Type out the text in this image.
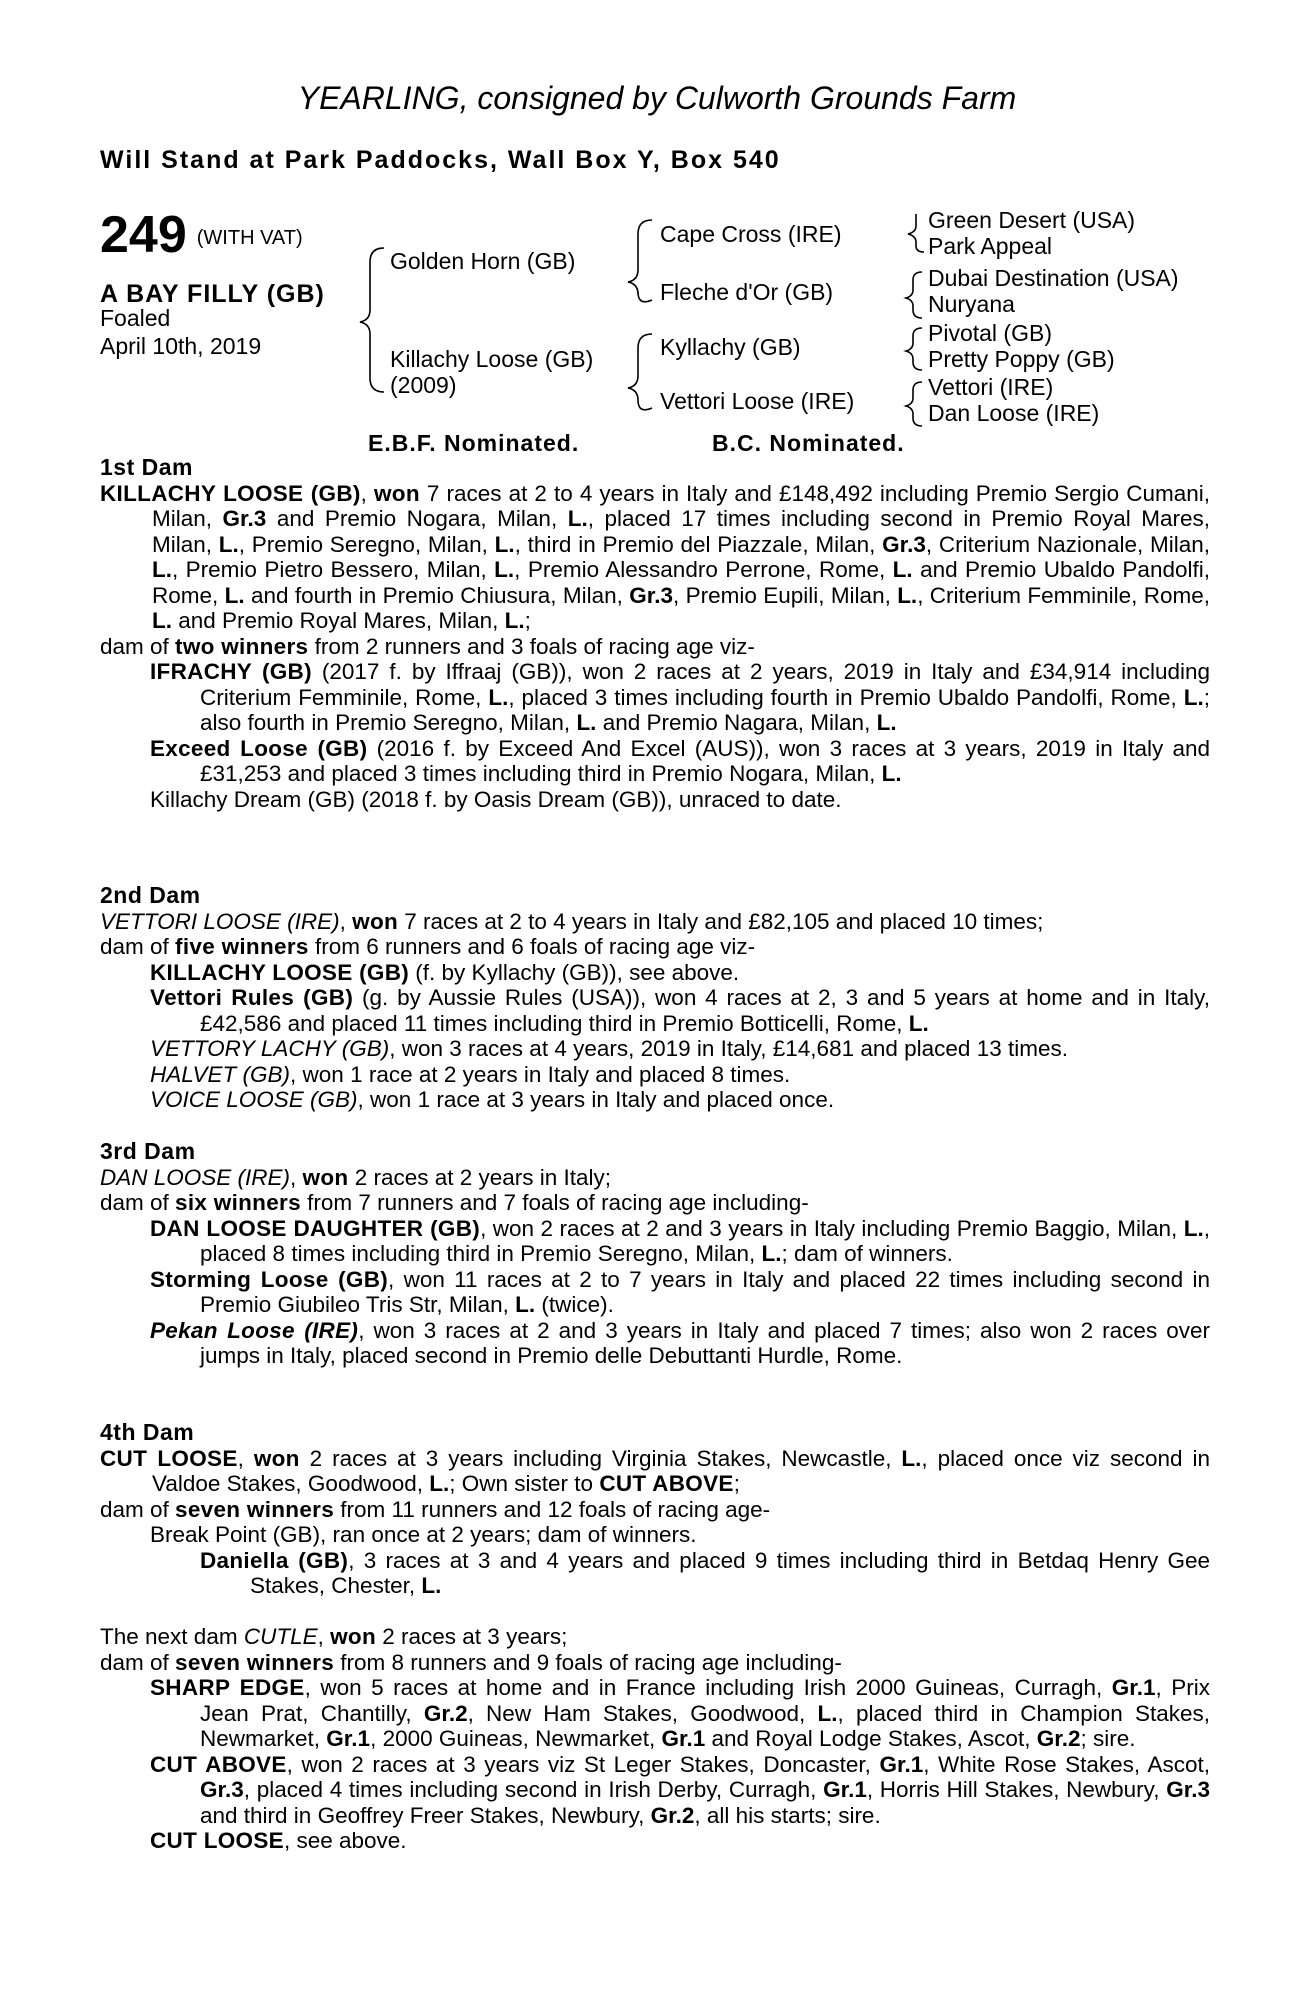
YEARLING, consigned by Culworth Grounds Farm
Will Stand at Park Paddocks, Wall Box Y, Box 540
249 (WITH VAT)
A BAY FILLY (GB)
Foaled
April 10th, 2019
Golden Horn (GB)
Killachy Loose (GB)
(2009)
Cape Cross (IRE)
Fleche d'Or (GB)
Kyllachy (GB)
Vettori Loose (IRE)
Green Desert (USA)
Park Appeal
Dubai Destination (USA)
Nuryana
Pivotal (GB)
Pretty Poppy (GB)
Vettori (IRE)
Dan Loose (IRE)
E.B.F. Nominated.	B.C. Nominated.

1st Dam

KILLACHY LOOSE (GB), won 7 races at 2 to 4 years in Italy and £148,492 including Premio Sergio Cumani, Milan, Gr.3 and Premio Nogara, Milan, L., placed 17 times including second in Premio Royal Mares, Milan, L., Premio Seregno, Milan, L., third in Premio del Piazzale, Milan, Gr.3, Criterium Nazionale, Milan, L., Premio Pietro Bessero, Milan, L., Premio Alessandro Perrone, Rome, L. and Premio Ubaldo Pandolfi, Rome, L. and fourth in Premio Chiusura, Milan, Gr.3, Premio Eupili, Milan, L., Criterium Femminile, Rome, L. and Premio Royal Mares, Milan, L.;

dam of two winners from 2 runners and 3 foals of racing age viz-

IFRACHY (GB) (2017 f. by Iffraaj (GB)), won 2 races at 2 years, 2019 in Italy and £34,914 including Criterium Femminile, Rome, L., placed 3 times including fourth in Premio Ubaldo Pandolfi, Rome, L.; also fourth in Premio Seregno, Milan, L. and Premio Nagara, Milan, L.

Exceed Loose (GB) (2016 f. by Exceed And Excel (AUS)), won 3 races at 3 years, 2019 in Italy and £31,253 and placed 3 times including third in Premio Nogara, Milan, L.

Killachy Dream (GB) (2018 f. by Oasis Dream (GB)), unraced to date.

2nd Dam

VETTORI LOOSE (IRE), won 7 races at 2 to 4 years in Italy and £82,105 and placed 10 times;

dam of five winners from 6 runners and 6 foals of racing age viz-

KILLACHY LOOSE (GB) (f. by Kyllachy (GB)), see above.

Vettori Rules (GB) (g. by Aussie Rules (USA)), won 4 races at 2, 3 and 5 years at home and in Italy, £42,586 and placed 11 times including third in Premio Botticelli, Rome, L.

VETTORY LACHY (GB), won 3 races at 4 years, 2019 in Italy, £14,681 and placed 13 times.

HALVET (GB), won 1 race at 2 years in Italy and placed 8 times.

VOICE LOOSE (GB), won 1 race at 3 years in Italy and placed once.

3rd Dam

DAN LOOSE (IRE), won 2 races at 2 years in Italy;

dam of six winners from 7 runners and 7 foals of racing age including-

DAN LOOSE DAUGHTER (GB), won 2 races at 2 and 3 years in Italy including Premio Baggio, Milan, L., placed 8 times including third in Premio Seregno, Milan, L.; dam of winners.

Storming Loose (GB), won 11 races at 2 to 7 years in Italy and placed 22 times including second in Premio Giubileo Tris Str, Milan, L. (twice).

Pekan Loose (IRE), won 3 races at 2 and 3 years in Italy and placed 7 times; also won 2 races over jumps in Italy, placed second in Premio delle Debuttanti Hurdle, Rome.

4th Dam

CUT LOOSE, won 2 races at 3 years including Virginia Stakes, Newcastle, L., placed once viz second in Valdoe Stakes, Goodwood, L.; Own sister to CUT ABOVE;

dam of seven winners from 11 runners and 12 foals of racing age-

Break Point (GB), ran once at 2 years; dam of winners.

Daniella (GB), 3 races at 3 and 4 years and placed 9 times including third in Betdaq Henry Gee Stakes, Chester, L.

The next dam CUTLE, won 2 races at 3 years;

dam of seven winners from 8 runners and 9 foals of racing age including-

SHARP EDGE, won 5 races at home and in France including Irish 2000 Guineas, Curragh, Gr.1, Prix Jean Prat, Chantilly, Gr.2, New Ham Stakes, Goodwood, L., placed third in Champion Stakes, Newmarket, Gr.1, 2000 Guineas, Newmarket, Gr.1 and Royal Lodge Stakes, Ascot, Gr.2; sire.

CUT ABOVE, won 2 races at 3 years viz St Leger Stakes, Doncaster, Gr.1, White Rose Stakes, Ascot, Gr.3, placed 4 times including second in Irish Derby, Curragh, Gr.1, Horris Hill Stakes, Newbury, Gr.3 and third in Geoffrey Freer Stakes, Newbury, Gr.2, all his starts; sire.

CUT LOOSE, see above.
